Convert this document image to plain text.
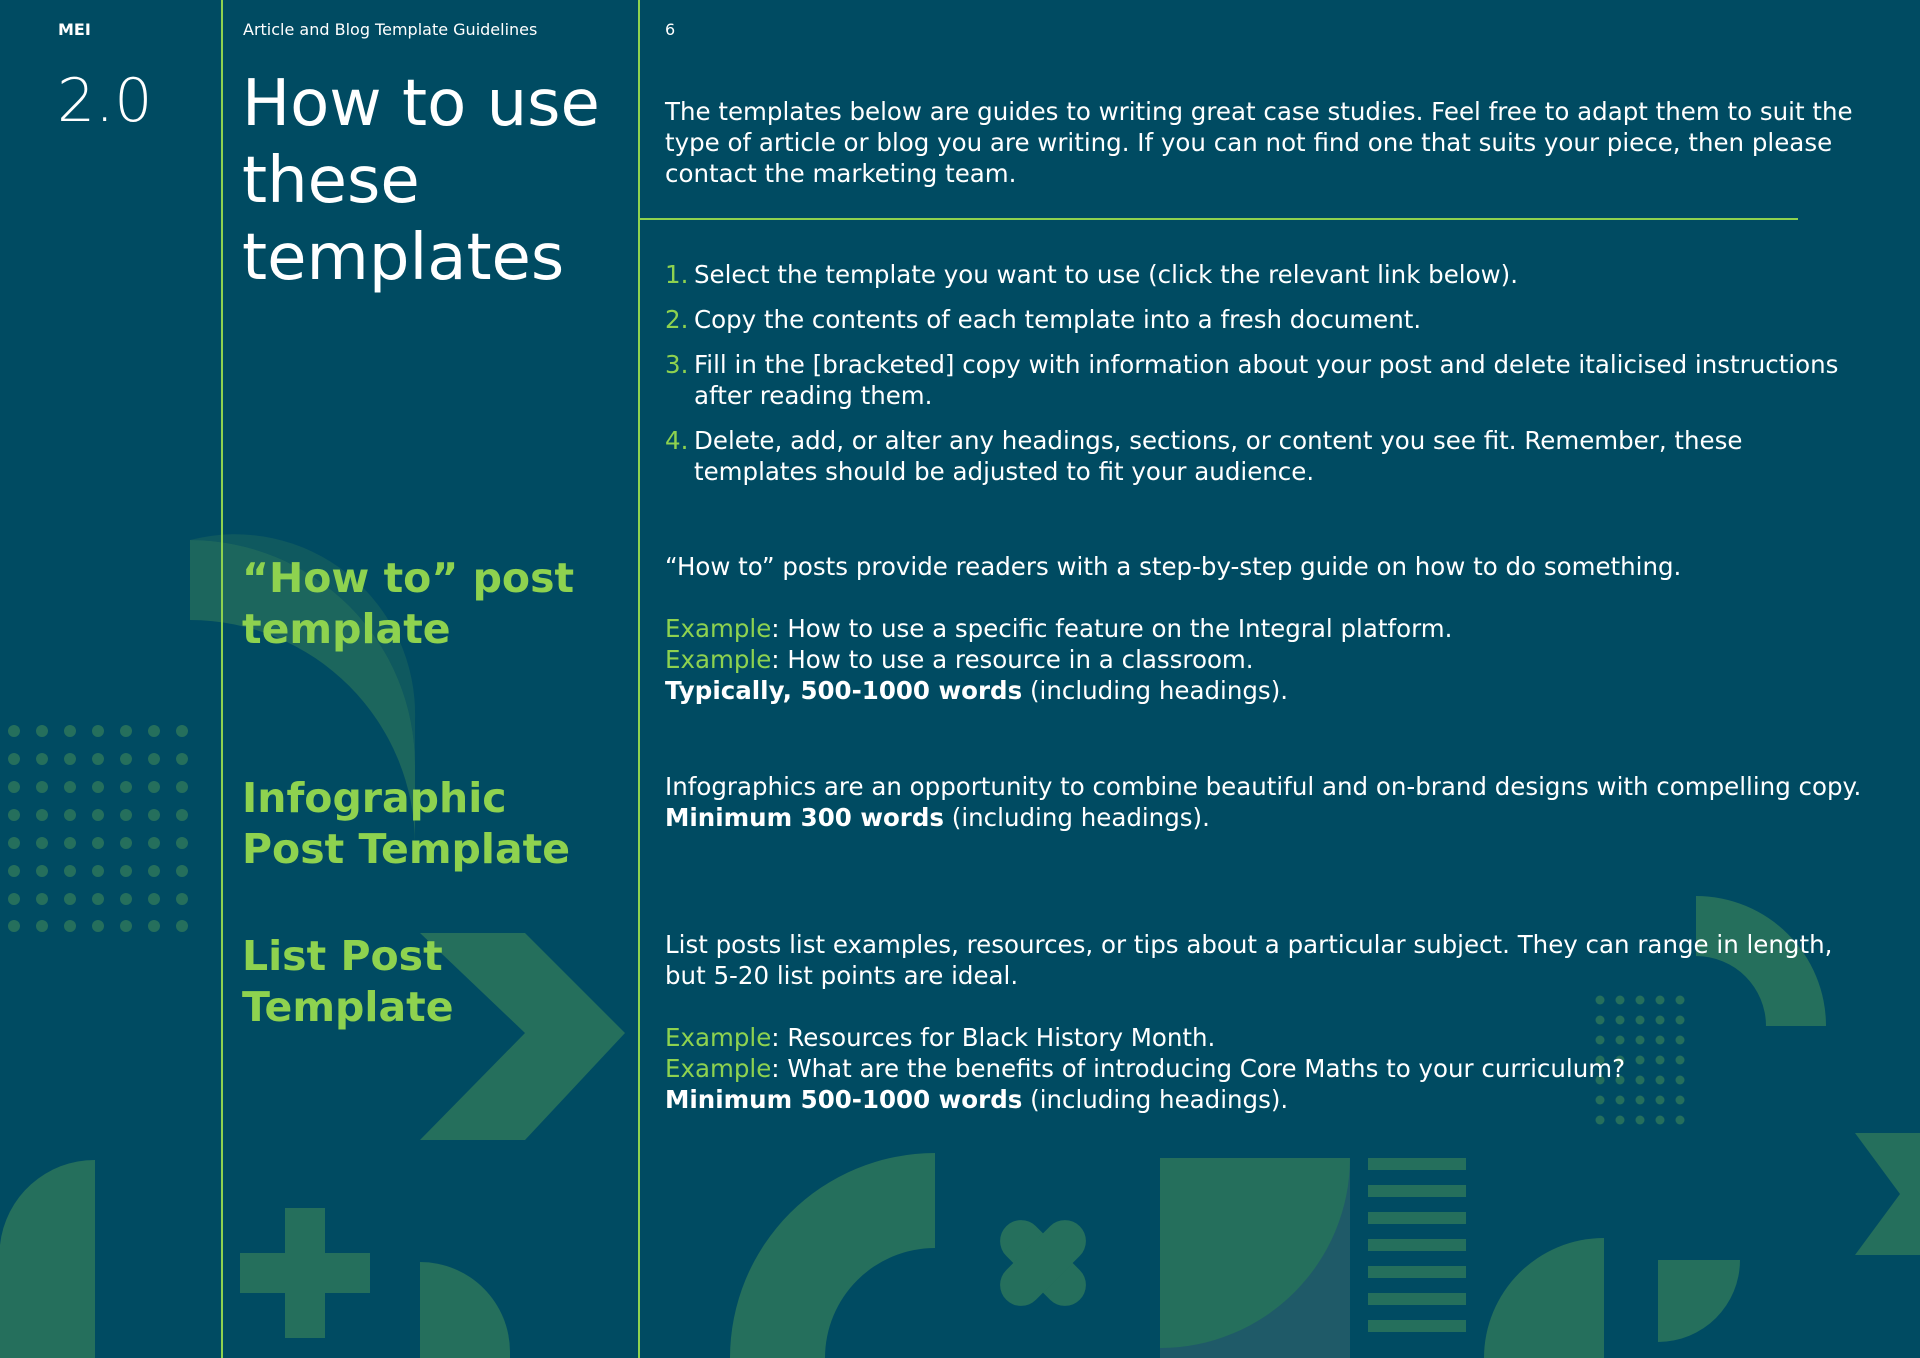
MEI	Article and Blog Template Guidelines	6
2.0 How to use these templates
The templates below are guides to writing great case studies. Feel free to adapt them to suit the type of article or blog you are writing. If you can not find one that suits your piece, then please contact the marketing team.
1. Select the template you want to use (click the relevant link below).
2. Copy the contents of each template into a fresh document.
3. Fill in the [bracketed] copy with information about your post and delete italicised instructions after reading them.
4. Delete, add, or alter any headings, sections, or content you see fit. Remember, these templates should be adjusted to fit your audience.
“How to” post template
“How to” posts provide readers with a step-by-step guide on how to do something.
Example: How to use a specific feature on the Integral platform.
Example: How to use a resource in a classroom.
Typically, 500-1000 words (including headings).
Infographic Post Template
Infographics are an opportunity to combine beautiful and on-brand designs with compelling copy.
Minimum 300 words (including headings).
List Post Template
List posts list examples, resources, or tips about a particular subject. They can range in length, but 5-20 list points are ideal.
Example: Resources for Black History Month.
Example: What are the benefits of introducing Core Maths to your curriculum?
Minimum 500-1000 words (including headings).
